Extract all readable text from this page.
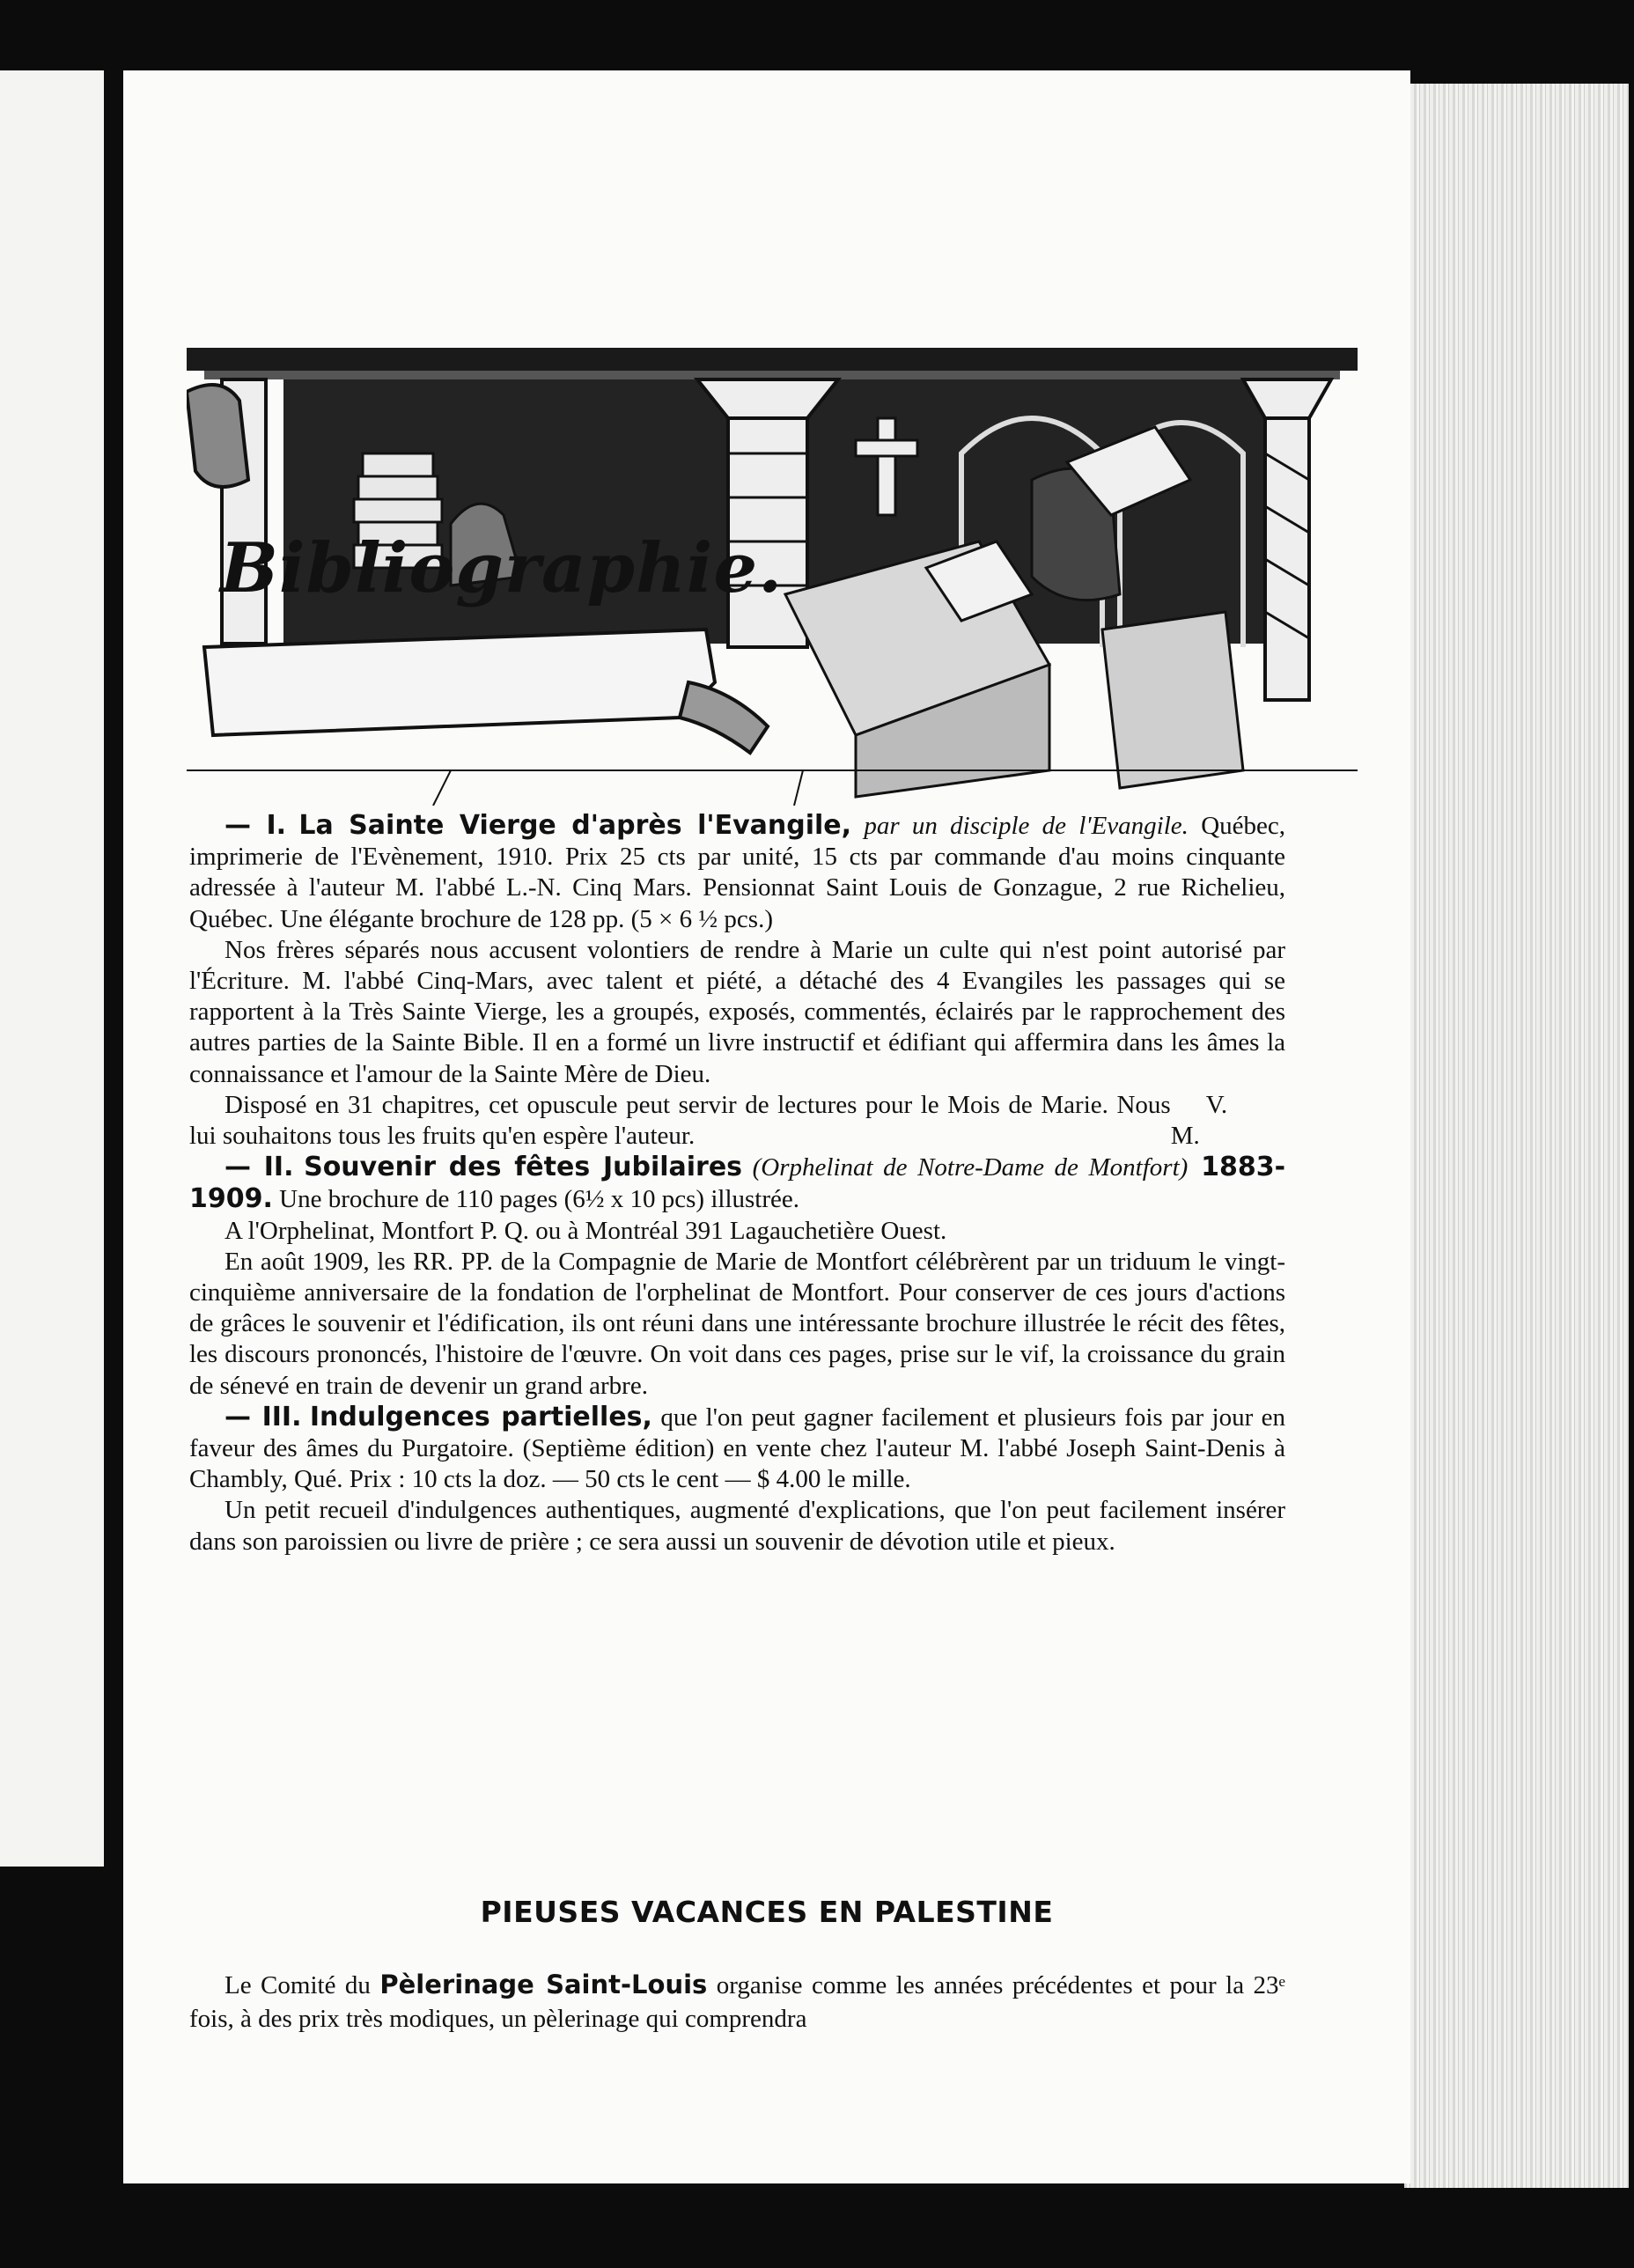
Bibliographie.

— I. La Sainte Vierge d'après l'Evangile, par un disciple de l'Evangile. Québec, imprimerie de l'Evènement, 1910. Prix 25 cts par unité, 15 cts par commande d'au moins cinquante adressée à l'auteur M. l'abbé L.-N. Cinq Mars. Pensionnat Saint Louis de Gonzague, 2 rue Richelieu, Québec. Une élégante brochure de 128 pp. (5 × 6 ½ pcs.)

Nos frères séparés nous accusent volontiers de rendre à Marie un culte qui n'est point autorisé par l'Écriture. M. l'abbé Cinq-Mars, avec talent et piété, a détaché des 4 Evangiles les passages qui se rapportent à la Très Sainte Vierge, les a groupés, exposés, commentés, éclairés par le rapprochement des autres parties de la Sainte Bible. Il en a formé un livre instructif et édifiant qui affermira dans les âmes la connaissance et l'amour de la Sainte Mère de Dieu.

Disposé en 31 chapitres, cet opuscule peut servir de lectures pour le Mois de Marie. Nous lui souhaitons tous les fruits qu'en espère l'auteur.
V. M.

— II. Souvenir des fêtes Jubilaires (Orphelinat de Notre-Dame de Montfort) 1883-1909. Une brochure de 110 pages (6½ x 10 pcs) illustrée.

A l'Orphelinat, Montfort P. Q. ou à Montréal 391 Lagauchetière Ouest.

En août 1909, les RR. PP. de la Compagnie de Marie de Montfort célébrèrent par un triduum le vingt-cinquième anniversaire de la fondation de l'orphelinat de Montfort. Pour conserver de ces jours d'actions de grâces le souvenir et l'édification, ils ont réuni dans une intéressante brochure illustrée le récit des fêtes, les discours prononcés, l'histoire de l'œuvre. On voit dans ces pages, prise sur le vif, la croissance du grain de sénevé en train de devenir un grand arbre.

— III. Indulgences partielles, que l'on peut gagner facilement et plusieurs fois par jour en faveur des âmes du Purgatoire. (Septième édition) en vente chez l'auteur M. l'abbé Joseph Saint-Denis à Chambly, Qué. Prix : 10 cts la doz. — 50 cts le cent — $ 4.00 le mille.

Un petit recueil d'indulgences authentiques, augmenté d'explications, que l'on peut facilement insérer dans son paroissien ou livre de prière ; ce sera aussi un souvenir de dévotion utile et pieux.

PIEUSES VACANCES EN PALESTINE

Le Comité du Pèlerinage Saint-Louis organise comme les années précédentes et pour la 23ᵉ fois, à des prix très modiques, un pèlerinage qui comprendra
